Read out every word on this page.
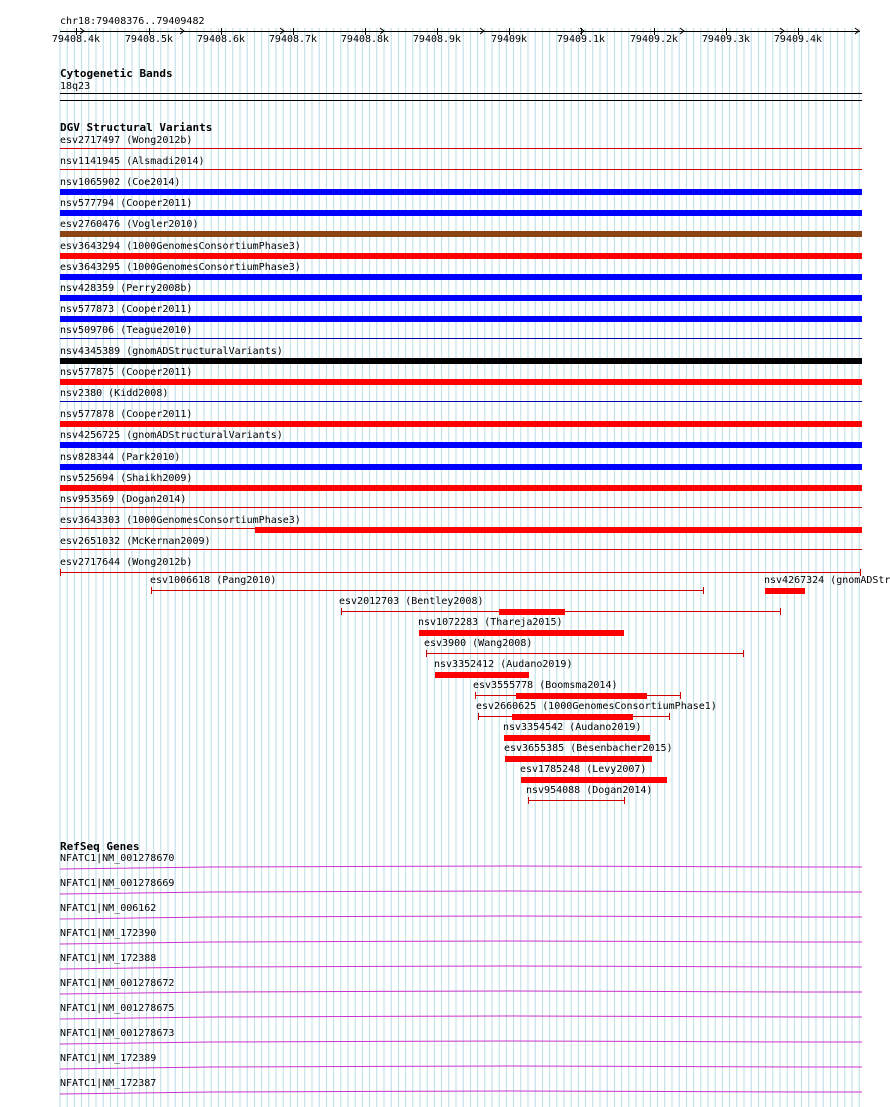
chr18:79408376..79409482
79408.4k	79408.5k	79408.6k	79408.7k	79408.8k	79408.9k	79409k	79409.1k	79409.2k	79409.3k	79409.4k
Cytogenetic Bands
18q23
DGV Structural Variants
esv2717497 (Wong2012b)
nsv1141945 (Alsmadi2014)
nsv1065902 (Coe2014)
nsv577794 (Cooper2011)
esv2760476 (Vogler2010)
esv3643294 (1000GenomesConsortiumPhase3)
esv3643295 (1000GenomesConsortiumPhase3)
nsv428359 (Perry2008b)
nsv577873 (Cooper2011)
nsv509706 (Teague2010)
nsv4345389 (gnomADStructuralVariants)
nsv577875 (Cooper2011)
nsv2380 (Kidd2008)
nsv577878 (Cooper2011)
nsv4256725 (gnomADStructuralVariants)
nsv828344 (Park2010)
nsv525694 (Shaikh2009)
nsv953569 (Dogan2014)
esv3643303 (1000GenomesConsortiumPhase3)
esv2651032 (McKernan2009)
esv2717644 (Wong2012b)
esv1006618 (Pang2010)	nsv4267324 (gnomADStr
esv2012703 (Bentley2008)
nsv1072283 (Thareja2015)
esv3900 (Wang2008)
nsv3352412 (Audano2019)
esv3555778 (Boomsma2014)
esv2660625 (1000GenomesConsortiumPhase1)
nsv3354542 (Audano2019)
esv3655385 (Besenbacher2015)
esv1785248 (Levy2007)
nsv954088 (Dogan2014)
RefSeq Genes
NFATC1|NM_001278670
NFATC1|NM_001278669
NFATC1|NM_006162
NFATC1|NM_172390
NFATC1|NM_172388
NFATC1|NM_001278672
NFATC1|NM_001278675
NFATC1|NM_001278673
NFATC1|NM_172389
NFATC1|NM_172387
